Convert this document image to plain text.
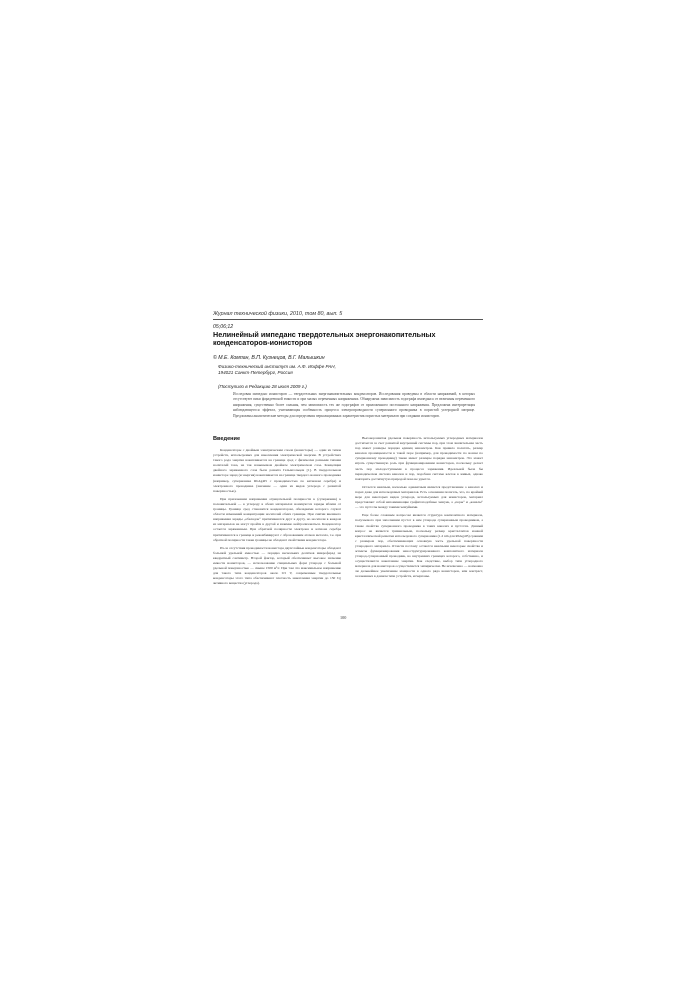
Журнал технической физики, 2010, том 80, вып. 5
05;06;12
Нелинейный импеданс твердотельных энергонакопительных
конденсаторов-ионисторов
© М.Е. Компан, В.П. Кузнецов, В.Г. Малышкин
Физико-технический институт им. А.Ф. Иоффе РАН,
194021 Санкт-Петербург, Россия
(Поступило в Редакцию 28 июля 2009 г.)
Исследован импеданс ионисторов — твердотельных энергонакопительных конденсаторов. Исследования проведены в области напряжений, в которых отсутствуют пики фарадеевской емкости и при малых переменных напряжениях. Обнаружена зависимость годографа импеданса от величины переменного напряжения, существенно более сильная, чем зависимость тех же годографов от приложенного постоянного напряжения. Предложена интерпретация наблюдающегося эффекта, учитывающая особенность процесса электропроводности суперионного проводника в пористой углеродной матрице. Предложены аналитические методы для определения перколяционных характеристик пористых материалов при создании ионисторов.
Введение

Конденсаторы с двойным электрическим слоем (ионисторы) — один из типов устройств, используемых для накопления электрической энергии. В устройствах такого рода энергия накапливается на границе сред с физически разными типами носителей тока, на так называемом двойном электрическом слое. Концепция двойного заряженного слоя была развита Гельмгольцем [1]. В твердотельном ионисторе заряд (и энергия) накапливается на границе твердого ионного проводника (например, суперионика RbAg4I5 с проводимостью по катионам серебра) и электронного проводника (значение — один из видов углерода с развитой поверхностью).

При приложении напряжения отрицательной полярности к (суперионик) к положительной — к углероду в обоих материалах ионизуются заряды вблизи от границы. Граница сред становится конденсатором, обкладками которого служат области изменений концентрации носителей обеих границы. При снятии внешнего напряжения заряды „обкладок“ притягиваются друг к другу, но носители в каждом из материалов не могут пройти в другой и взаимно нейтрализоваться. Конденсатор остается заряженным. При обратной полярности электрона и катиона серебра притягиваются к границе и рекомбинируют с образованием атомов металла, т.е. при обратной полярности такие границы не обладают свойствами конденсатора.

Из-за отсутствия проводимости ионистора двухслойные конденсаторы обладают большой удельной емкостью — порядка нескольких десятков микрофарад на квадратный сантиметр. Второй фактор, который обеспечивает высокое значение емкости ионисторов, — использование специальных форм углерода с большой удельной поверхностью — свыше 1500 м²/г. При том что максимальное напряжение для такого типа конденсаторов около 0.5 V, современные твердотельные конденсаторы этого типа обеспечивают плотность накопления энергии до 150 J/g активного вещества (углерода).

Высокоразвитая удельная поверхность используемых углеродных материалов достигается за счет развитой внутренней системы пор, при этом значительная часть пор имеет размеры порядка единиц нанометров. Как правило полагать, размер каналов проницаемости в такой поре (например, для проводимости по ионам по суперионному проводнику) также имеет размеры порядка нанометров. Это может играть существенную роль при функционировании ионисторов, поскольку делает часть пор малодоступными в процессе заряжения. Идеальной была бы периодическая система каналов и пор, подобная системе клеток в живых, однако повторить достигнутую природой пока не удается.

Остается неясным, насколько адекватным является представление о каналах и порах даже для используемых материалов. Есть основания полагать, что, по крайней мере для некоторых видов углерода, используемых для ионисторов, материал представляет собой напоминающие графитоподобные чешуек, а „поры“ и „каналы“ — это пустоты между такими чешуйками.

Еще более сложным вопросом является структура композитного материала, получаемого при заполнении пустот в нем углерода суперионным проводником, а также свойства суперионного проводника в таких каналах и пустотах. Данный вопрос не является тривиальным, поскольку размер кристаллитов ионной кристаллической решетки используемого суперионика (1.2 nm для RbAg4I5) сравним с размером пор, обеспечивающих основную часть удельной поверхности углеродного материала. Отчасти поэтому остаются неясными некоторые свойства и аспекты функционирования наноструктурированного композитного материала углерод-суперионный проводник, во внутренних границах которого, собственно, и осуществляется накопление энергии. Как следствие, выбор типа углеродного материала для ионисторов осуществляется эмпирически. Не исключено — возможно ли дальнейшее увеличение мощности в одного ряда ионисторов, или контраст, заложенных в данном типе устройств, исчерпаны.

100
